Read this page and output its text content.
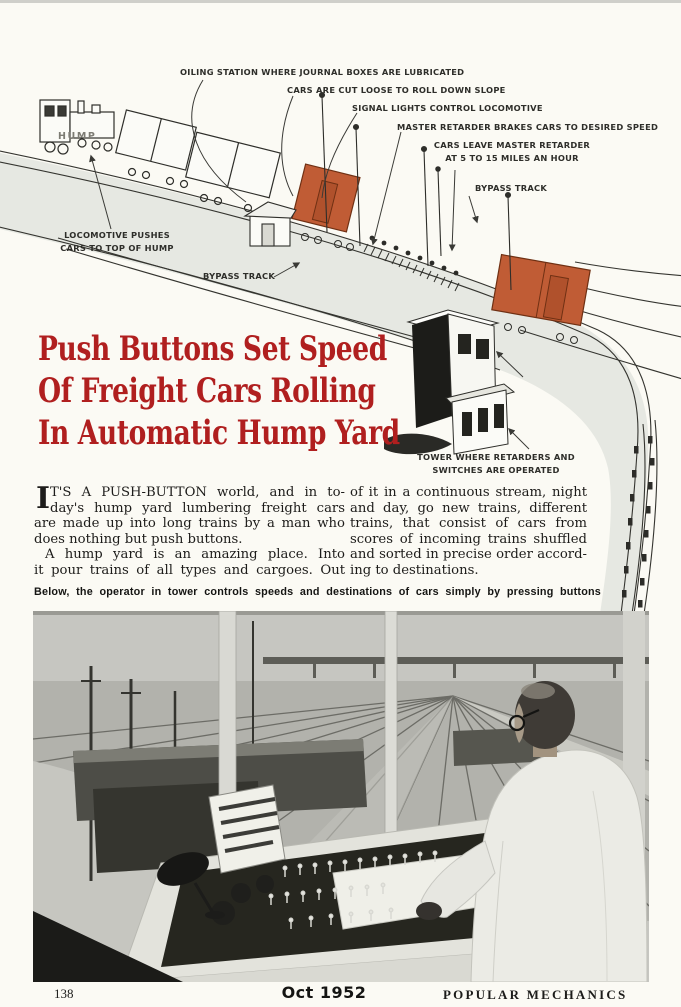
OILING STATION WHERE JOURNAL BOXES ARE LUBRICATED
CARS ARE CUT LOOSE TO ROLL DOWN SLOPE
SIGNAL LIGHTS CONTROL LOCOMOTIVE
MASTER RETARDER BRAKES CARS TO DESIRED SPEED
CARS LEAVE MASTER RETARDER
AT 5 TO 15 MILES AN HOUR
BYPASS TRACK
HUMP
LOCOMOTIVE PUSHES
CARS TO TOP OF HUMP
BYPASS TRACK
TOWER WHERE RETARDERS AND
SWITCHES ARE OPERATED
Push Buttons Set Speed
Of Freight Cars Rolling
In Automatic Hump Yard
I T'S A PUSH-BUTTON world, and in to-
day's hump yard lumbering freight cars
are made up into long trains by a man who
does nothing but push buttons.
A hump yard is an amazing place. Into
it pour trains of all types and cargoes. Out
of it in a continuous stream, night
and day, go new trains, different
trains, that consist of cars from
scores of incoming trains shuffled
and sorted in precise order accord-
ing to destinations.
Below, the operator in tower controls speeds and destinations of cars simply by pressing buttons
138	Oct 1952	POPULAR MECHANICS
